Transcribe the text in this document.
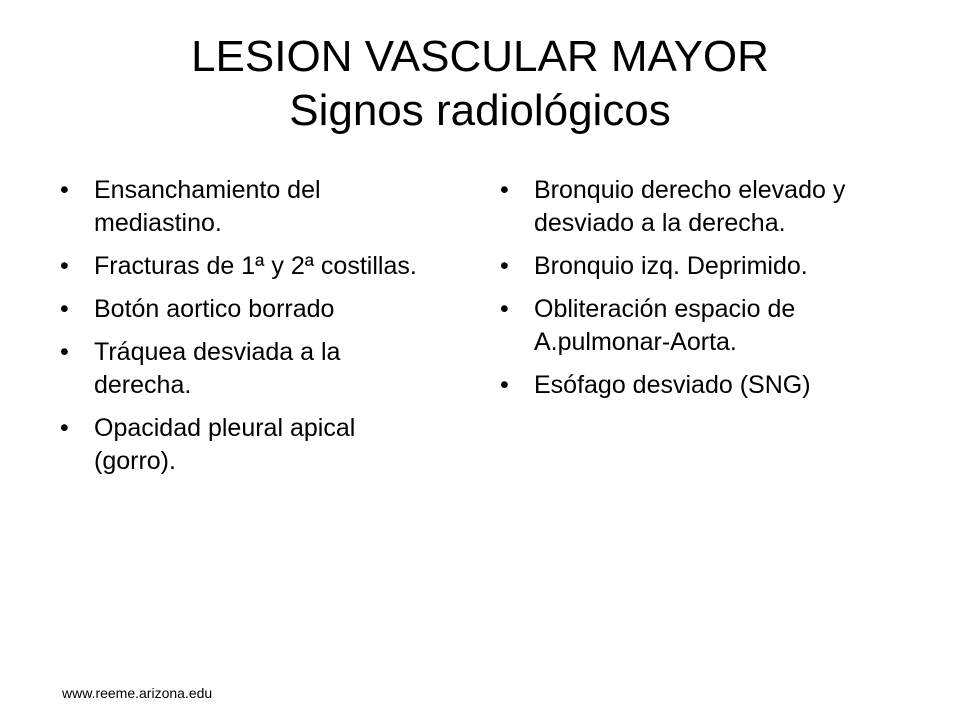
LESION VASCULAR MAYOR
Signos radiológicos
• Ensanchamiento del mediastino.
• Fracturas de 1ª y 2ª costillas.
• Botón aortico borrado
• Tráquea desviada a la derecha.
• Opacidad pleural apical (gorro).
• Bronquio derecho elevado y desviado a la derecha.
• Bronquio izq. Deprimido.
• Obliteración espacio de A.pulmonar-Aorta.
• Esófago desviado (SNG)
www.reeme.arizona.edu
